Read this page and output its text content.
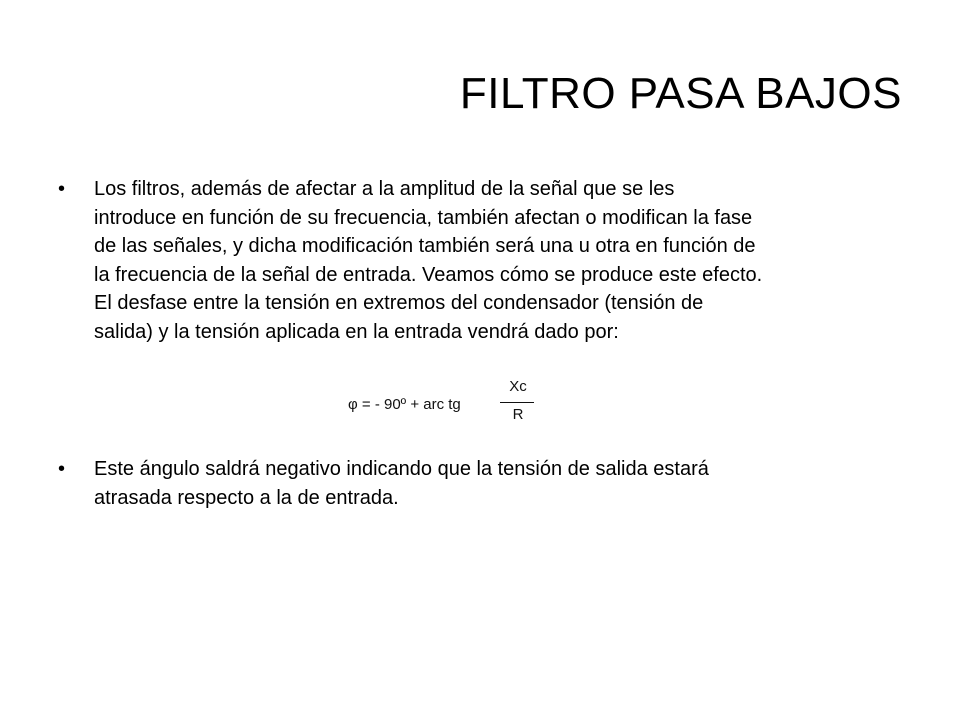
FILTRO PASA BAJOS
•	Los filtros, además de afectar a la amplitud de la señal que se les
introduce en función de su frecuencia, también afectan o modifican la fase
de las señales, y dicha modificación también será una u otra en función de
la frecuencia de la señal de entrada. Veamos cómo se produce este efecto.
El desfase entre la tensión en extremos del condensador (tensión de
salida) y la tensión aplicada en la entrada vendrá dado por:
φ = - 90º + arc tg
Xc
R
•	Este ángulo saldrá negativo indicando que la tensión de salida estará
atrasada respecto a la de entrada.
